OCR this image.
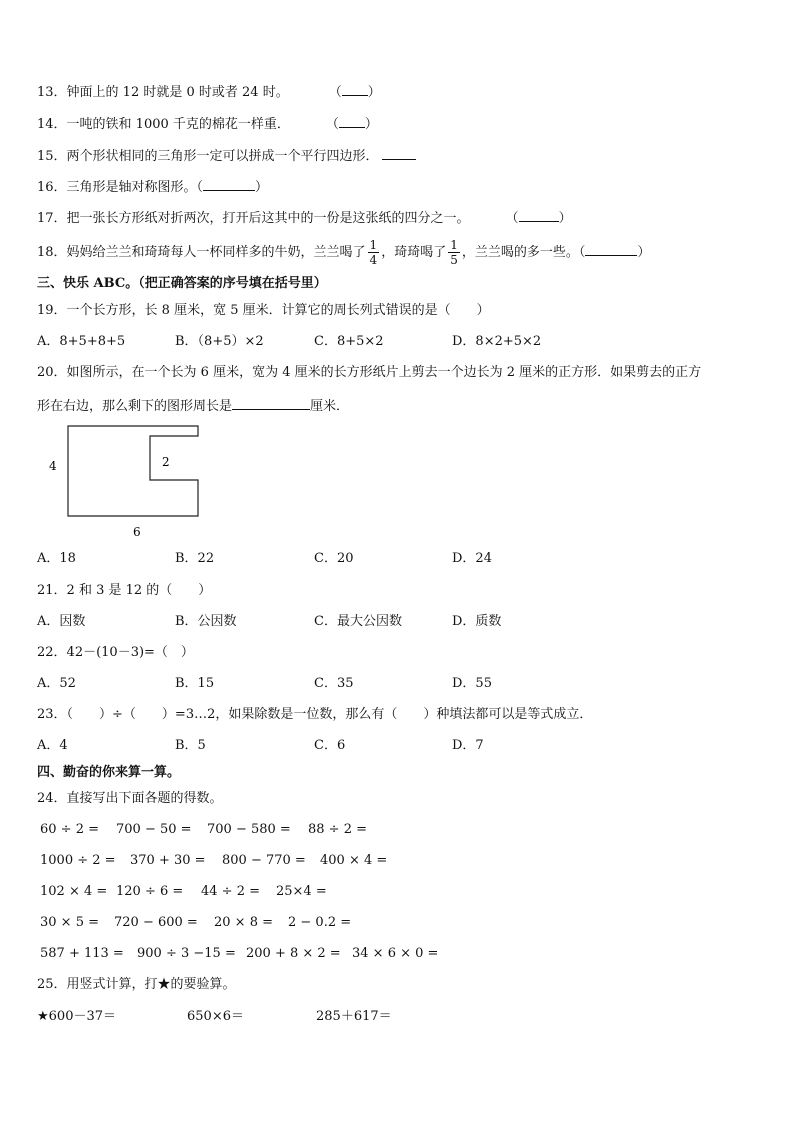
13．钟面上的 12 时就是 0 时或者 24 时。	（ ）
14．一吨的铁和 1000 千克的棉花一样重．	（ ）
15．两个形状相同的三角形一定可以拼成一个平行四边形．
16．三角形是轴对称图形。（	）
17．把一张长方形纸对折两次，打开后这其中的一份是这张纸的四分之一。	（	）
18．妈妈给兰兰和琦琦每人一杯同样多的牛奶，兰兰喝了 $\frac{1}{4}$ ，琦琦喝了 $\frac{1}{5}$ ，兰兰喝的多一些。（	）
三、快乐 ABC。（把正确答案的序号填在括号里）
19．一个长方形，长 8 厘米，宽 5 厘米．计算它的周长列式错误的是（　　）
A．8+5+8+5	B．（8+5）×2	C．8+5×2	D．8×2+5×2
20．如图所示，在一个长为 6 厘米，宽为 4 厘米的长方形纸片上剪去一个边长为 2 厘米的正方形．如果剪去的正方
形在右边，那么剩下的图形周长是	厘米．
4	2
6
A．18	B．22	C．20	D．24
21．2 和 3 是 12 的（　　）
A．因数	B．公因数	C．最大公因数	D．质数
22．42－(10－3)=（　）
A．52	B．15	C．35	D．55
23．（　　）÷（　　）=3…2，如果除数是一位数，那么有（　　）种填法都可以是等式成立．
A．4	B．5	C．6	D．7
四、勤奋的你来算一算。
24．直接写出下面各题的得数。
60 ÷ 2 = 700 − 50 = 700 − 580 = 88 ÷ 2 =
1000 ÷ 2 = 370 + 30 = 800 − 770 = 400 × 4 =
102 × 4 = 120 ÷ 6 = 44 ÷ 2 = 25×4 =
30 × 5 = 720 − 600 = 20 × 8 = 2 − 0.2 =
587 + 113 = 900 ÷ 3 −15 = 200 + 8 × 2 = 34 × 6 × 0 =
25．用竖式计算，打★的要验算。
★600－37＝	650×6＝	285＋617＝
